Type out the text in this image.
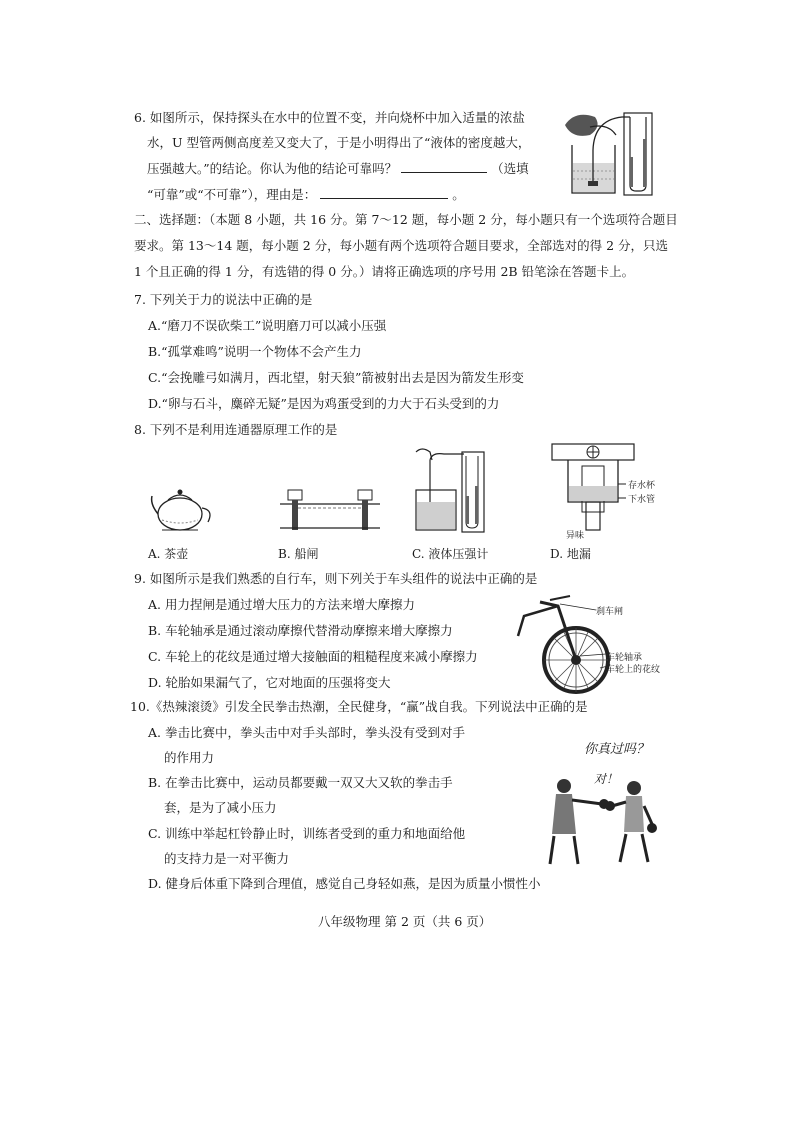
6. 如图所示，保持探头在水中的位置不变，并向烧杯中加入适量的浓盐
水，U 型管两侧高度差又变大了，于是小明得出了“液体的密度越大，
压强越大。”的结论。你认为他的结论可靠吗？	（选填
“可靠”或“不可靠”），理由是：	。
二、选择题：（本题 8 小题，共 16 分。第 7～12 题，每小题 2 分，每小题只有一个选项符合题目
要求。第 13～14 题，每小题 2 分，每小题有两个选项符合题目要求，全部选对的得 2 分，只选
1 个且正确的得 1 分，有选错的得 0 分。）请将正确选项的序号用 2B 铅笔涂在答题卡上。
7. 下列关于力的说法中正确的是
A.“磨刀不误砍柴工”说明磨刀可以减小压强
B.“孤掌难鸣”说明一个物体不会产生力
C.“会挽雕弓如满月，西北望，射天狼”箭被射出去是因为箭发生形变
D.“卵与石斗，麋碎无疑”是因为鸡蛋受到的力大于石头受到的力
8. 下列不是利用连通器原理工作的是
存水杯
下水管
异味
A. 茶壶	B. 船闸	C. 液体压强计	D. 地漏
9. 如图所示是我们熟悉的自行车，则下列关于车头组件的说法中正确的是
A. 用力捏闸是通过增大压力的方法来增大摩擦力
B. 车轮轴承是通过滚动摩擦代替滑动摩擦来增大摩擦力
C. 车轮上的花纹是通过增大接触面的粗糙程度来减小摩擦力
D. 轮胎如果漏气了，它对地面的压强将变大
刹车闸
车轮轴承
车轮上的花纹
10.《热辣滚烫》引发全民拳击热潮，全民健身，“赢”战自我。下列说法中正确的是
A. 拳击比赛中，拳头击中对手头部时，拳头没有受到对手
的作用力
B. 在拳击比赛中，运动员都要戴一双又大又软的拳击手
套，是为了减小压力
C. 训练中举起杠铃静止时，训练者受到的重力和地面给他
的支持力是一对平衡力
D. 健身后体重下降到合理值，感觉自己身轻如燕，是因为质量小惯性小
你真过吗？
对！
八年级物理 第 2 页（共 6 页）
